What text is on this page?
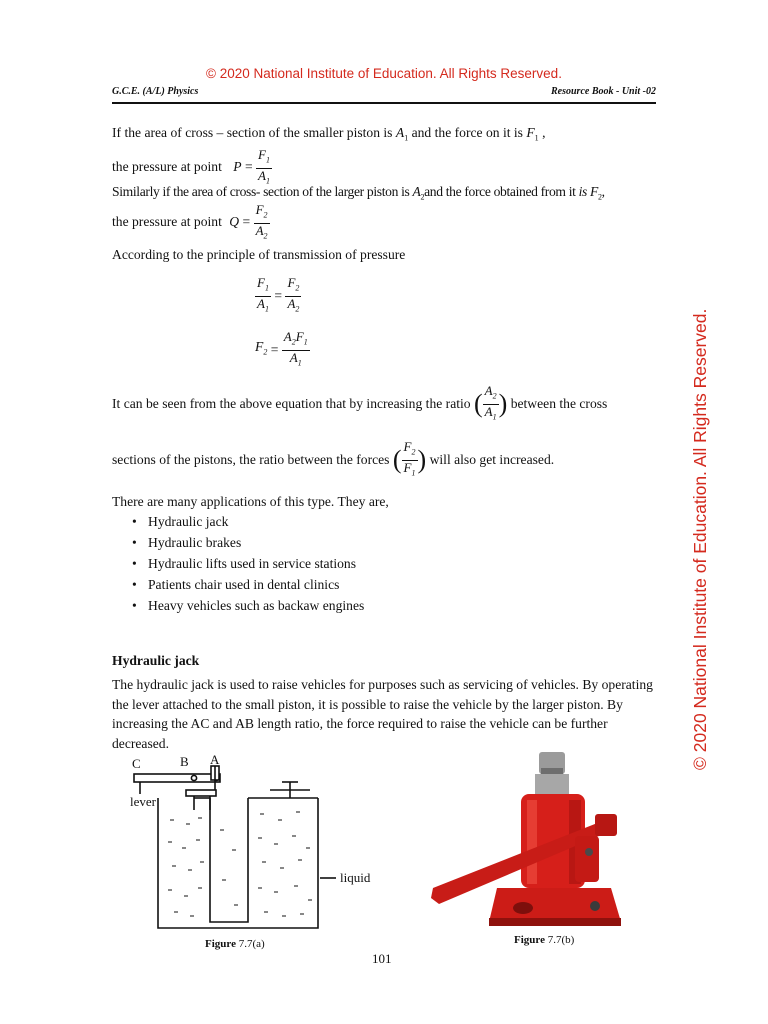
© 2020 National Institute of Education. All Rights Reserved.
© 2020 National Institute of Education. All Rights Reserved.
G.C.E. (A/L) Physics	Resource Book - Unit -02
If the area of cross – section of the smaller piston is $A_1$ and the force on it is $F_1$ ,
the pressure at point $P = \frac{F_1}{A_1}$
Similarly if the area of cross- section of the larger piston is $A_2and$ the force obtained from it is $F_2$,
the pressure at point $Q = \frac{F_2}{A_2}$
According to the principle of transmission of pressure
$\frac{F_1}{A_1} = \frac{F_2}{A_2}$
$F_2 = \frac{A_2F_1}{A_1}$
It can be seen from the above equation that by increasing the ratio ( $\frac{A_2}{A_1}$ ) between the cross
sections of the pistons, the ratio between the forces ( $\frac{F_2}{F_1}$ ) will also get increased.
There are many applications of this type. They are,
• Hydraulic jack
• Hydraulic brakes
• Hydraulic lifts used in service stations
• Patients chair used in dental clinics
• Heavy vehicles such as backaw engines
Hydraulic jack
The hydraulic jack is used to raise vehicles for purposes such as servicing of vehicles. By operating the lever attached to the small piston, it is possible to raise the vehicle by the larger piston. By increasing the AC and AB length ratio, the force required to raise the vehicle can be further decreased.
C	B A
lever
liquid
Figure 7.7(a)	Figure 7.7(b)
101
